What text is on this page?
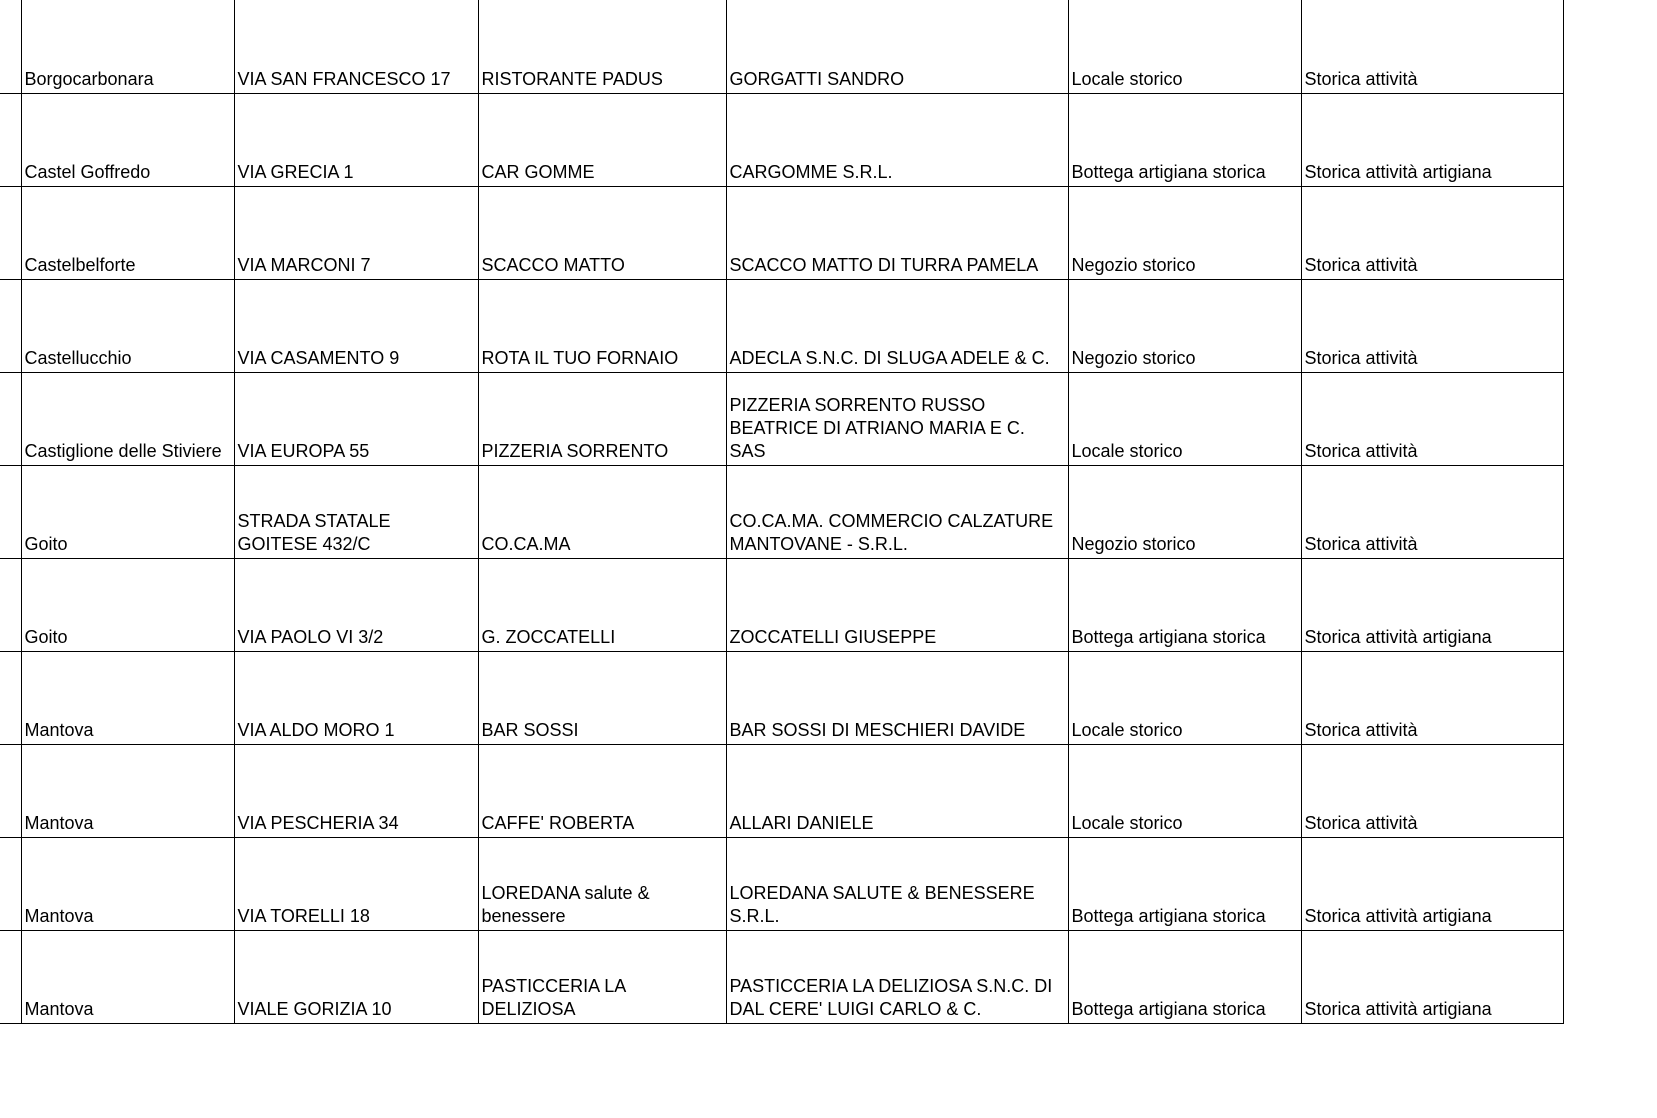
	Borgocarbonara	VIA SAN FRANCESCO 17	RISTORANTE PADUS	GORGATTI SANDRO	Locale storico	Storica attività
	Castel Goffredo	VIA GRECIA 1	CAR GOMME	CARGOMME S.R.L.	Bottega artigiana storica	Storica attività artigiana
	Castelbelforte	VIA MARCONI 7	SCACCO MATTO	SCACCO MATTO DI TURRA PAMELA	Negozio storico	Storica attività
	Castellucchio	VIA CASAMENTO 9	ROTA IL TUO FORNAIO	ADECLA S.N.C. DI SLUGA ADELE & C.	Negozio storico	Storica attività
	Castiglione delle Stiviere	VIA EUROPA 55	PIZZERIA SORRENTO	PIZZERIA SORRENTO RUSSO BEATRICE DI ATRIANO MARIA E C. SAS	Locale storico	Storica attività
	Goito	STRADA STATALE GOITESE 432/C	CO.CA.MA	CO.CA.MA. COMMERCIO CALZATURE MANTOVANE - S.R.L.	Negozio storico	Storica attività
	Goito	VIA PAOLO VI 3/2	G. ZOCCATELLI	ZOCCATELLI GIUSEPPE	Bottega artigiana storica	Storica attività artigiana
	Mantova	VIA ALDO MORO 1	BAR SOSSI	BAR SOSSI DI MESCHIERI DAVIDE	Locale storico	Storica attività
	Mantova	VIA PESCHERIA 34	CAFFE' ROBERTA	ALLARI DANIELE	Locale storico	Storica attività
	Mantova	VIA TORELLI 18	LOREDANA salute & benessere	LOREDANA SALUTE & BENESSERE S.R.L.	Bottega artigiana storica	Storica attività artigiana
	Mantova	VIALE GORIZIA 10	PASTICCERIA LA DELIZIOSA	PASTICCERIA LA DELIZIOSA S.N.C. DI DAL CERE' LUIGI CARLO & C.	Bottega artigiana storica	Storica attività artigiana
